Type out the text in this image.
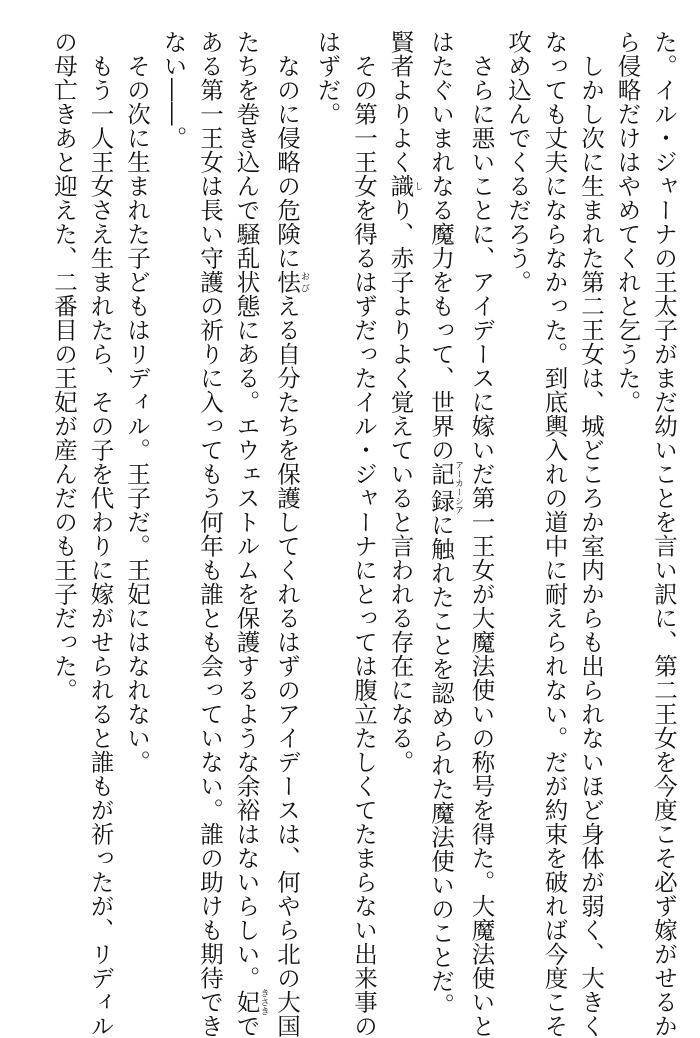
た。イル・ジャーナの王太子がまだ幼いことを言い訳に、第二王女を今度こそ必ず嫁がせるか
ら侵略だけはやめてくれと乞うた。
　しかし次に生まれた第二王女は、城どころか室内からも出られないほど身体が弱く、大きく
なっても丈夫にならなかった。到底輿入れの道中に耐えられない。だが約束を破れば今度こそ
攻め込んでくるだろう。
　さらに悪いことに、アイデースに嫁いだ第一王女が大魔法使いの称号を得た。大魔法使いと
はたぐいまれなる魔力をもって、世界の記録アーカーシアに触れたことを認められた魔法使いのことだ。
賢者よりよく識しり、赤子よりよく覚えていると言われる存在になる。
　その第一王女を得るはずだったイル・ジャーナにとっては腹立たしくてたまらない出来事の
はずだ。
　なのに侵略の危険に怯おびえる自分たちを保護してくれるはずのアイデースは、何やら北の大国
たちを巻き込んで騒乱状態にある。エウェストルムを保護するような余裕はないらしい。妃きさきで
ある第一王女は長い守護の祈りに入ってもう何年も誰とも会っていない。誰の助けも期待でき
ない――。
　その次に生まれた子どもはリディル。王子だ。王妃にはなれない。
　もう一人王女さえ生まれたら、その子を代わりに嫁がせられると誰もが祈ったが、リディル
の母亡きあと迎えた、二番目の王妃が産んだのも王子だった。
